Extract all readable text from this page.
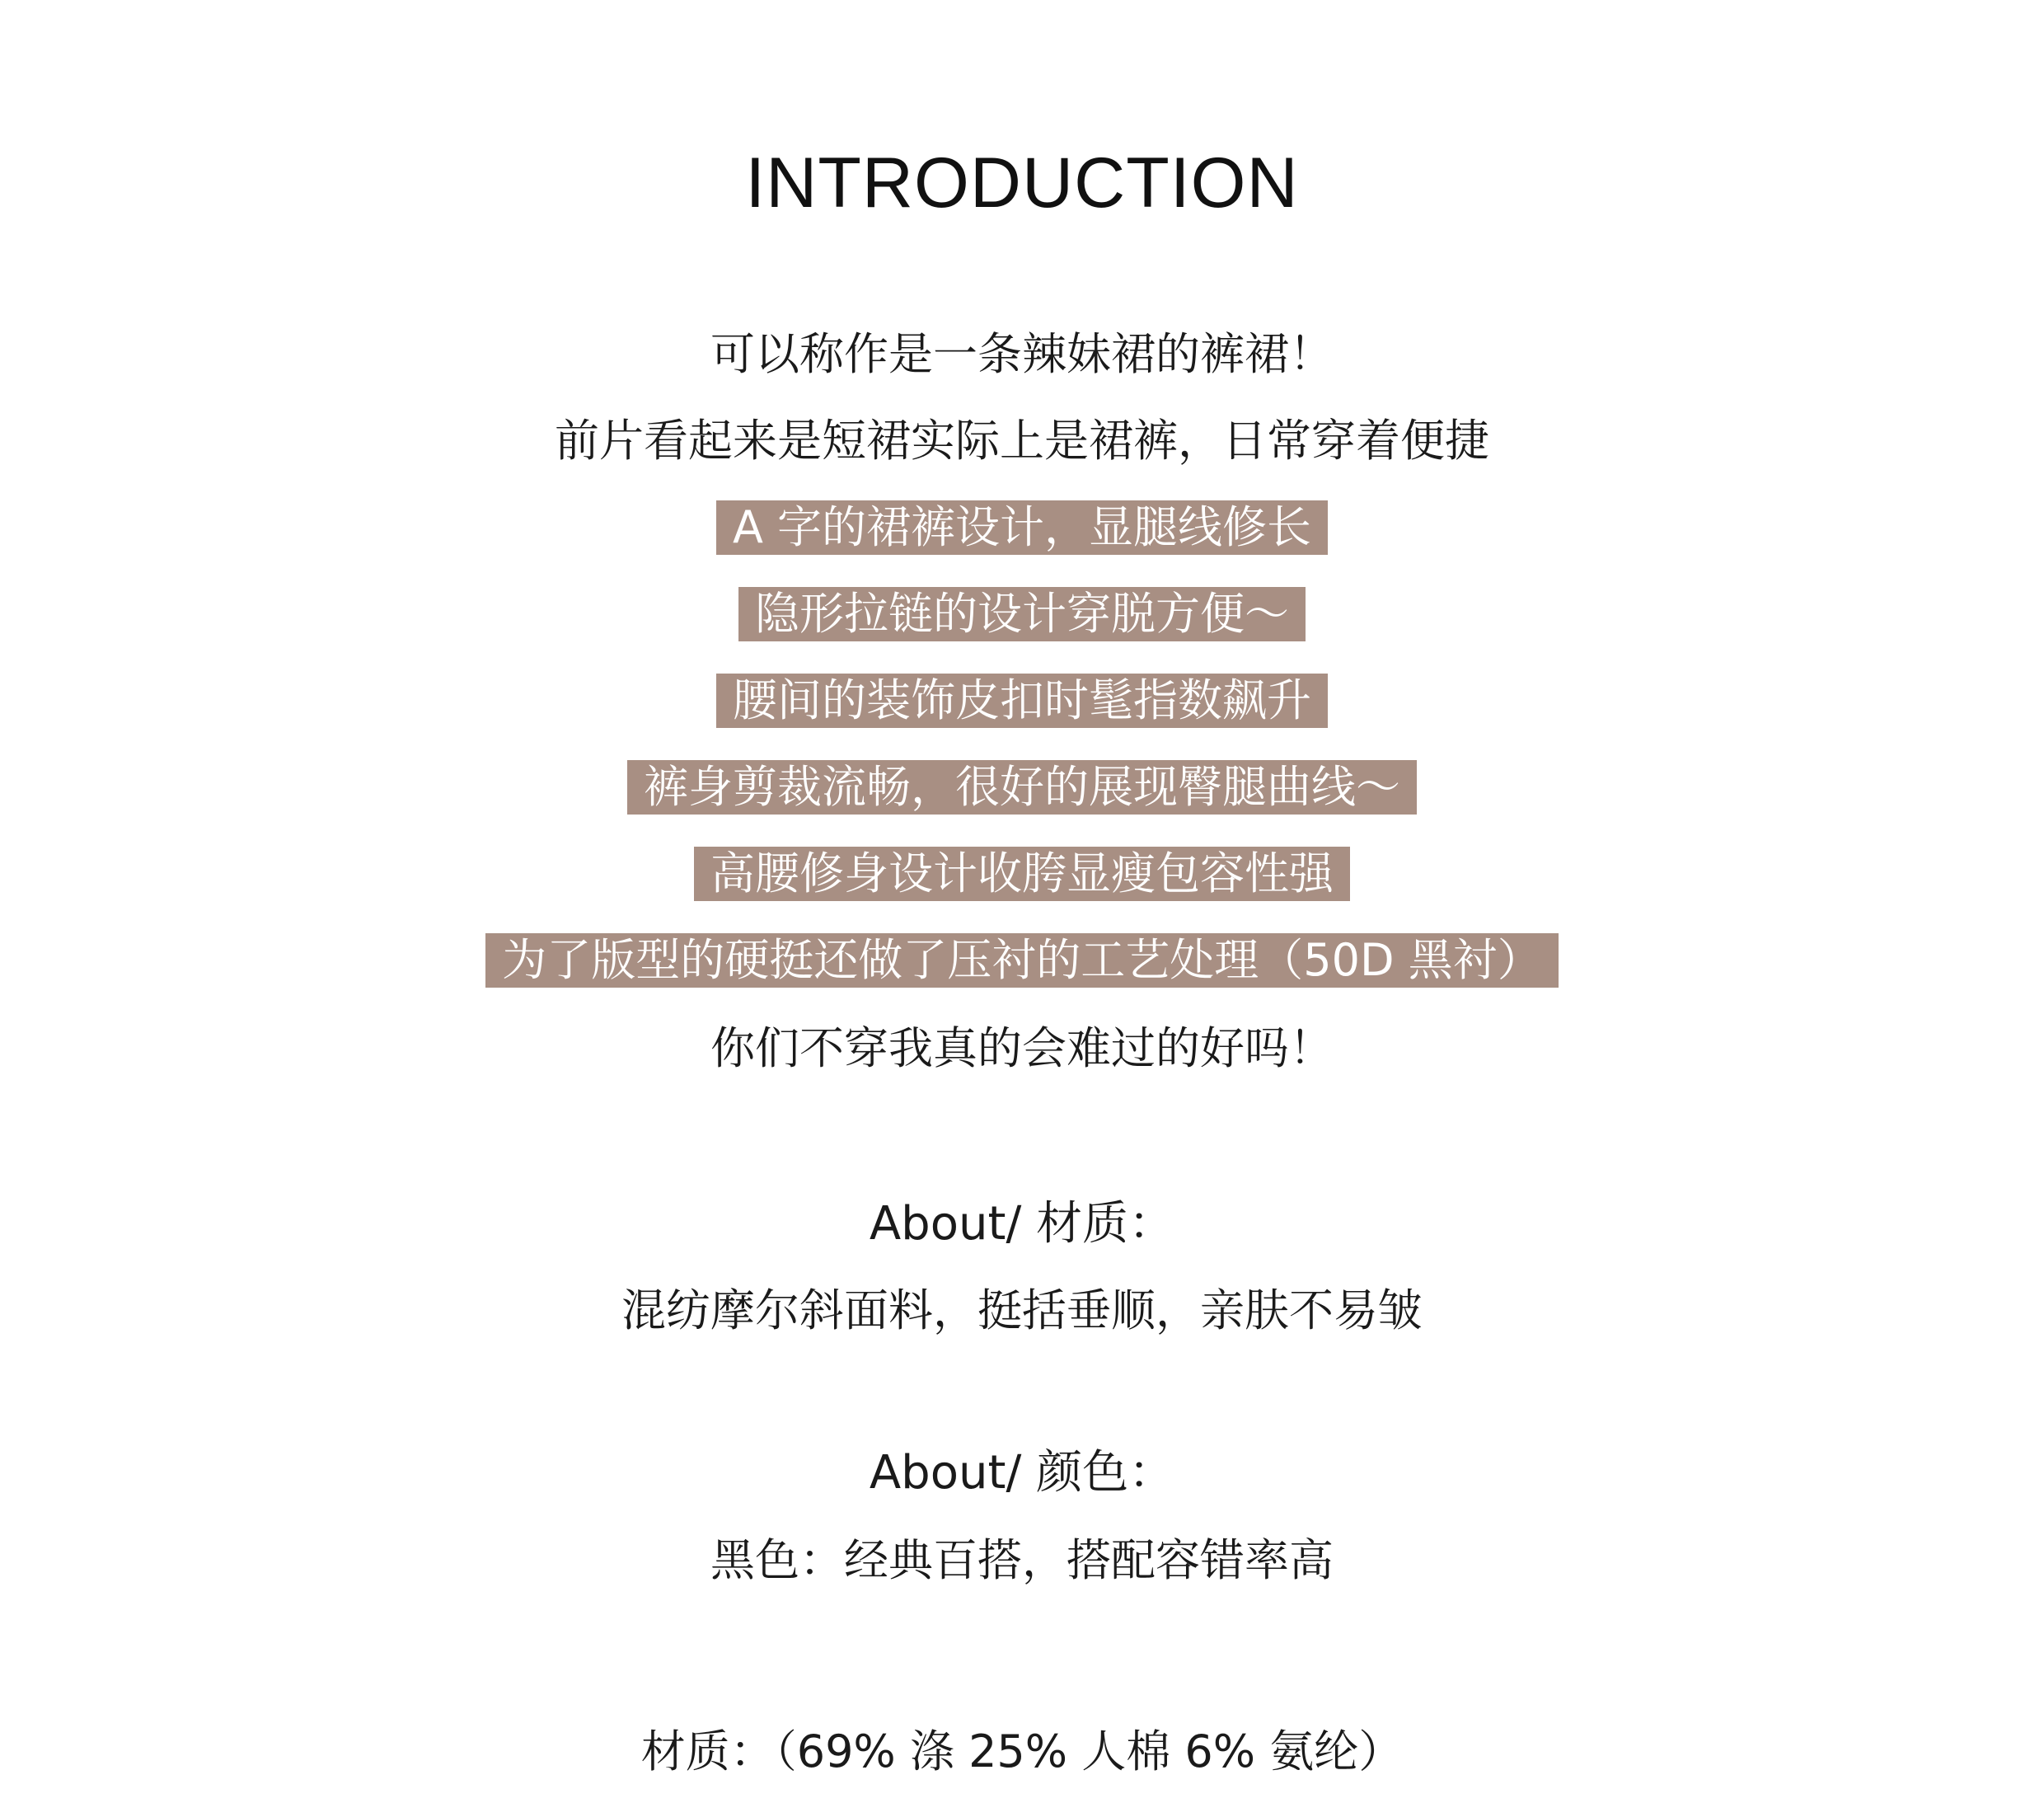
INTRODUCTION
可以称作是一条辣妹裙的裤裙！
前片看起来是短裙实际上是裙裤，日常穿着便捷
A 字的裙裤设计，显腿线修长
隐形拉链的设计穿脱方便～
腰间的装饰皮扣时髦指数飙升
裤身剪裁流畅，很好的展现臀腿曲线～
高腰修身设计收胯显瘦包容性强
为了版型的硬挺还做了压衬的工艺处理（50D 黑衬）
你们不穿我真的会难过的好吗！
About/ 材质：
混纺摩尔斜面料，挺括垂顺，亲肤不易皱
About/ 颜色：
黑色：经典百搭，搭配容错率高
材质：（69% 涤 25% 人棉 6% 氨纶）
